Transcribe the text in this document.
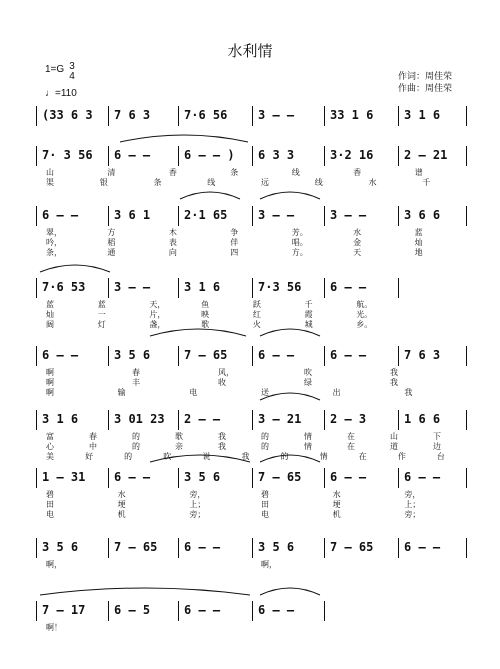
水利情
1=G 3
4
♩=110
作词：周佳荣
作曲：周佳荣
(33 6 3 7 6 3	7·6 56	3 – –	33 1 6	3 1 6
7· 3 56 6 – –	6 – – ) 6 3 3	3·2 16	2 – 21
山	清	香	条	线	香	谱
渠	银	条	线	远	线	水	千
6 – –	3 6 1	2·1 65	3 – –	3 – –	3 6 6
翠，	方	木	争	芳。	水	蓝
吟，	稻	表	伴	唱。	金	灿
条，	通	向	四	方。	天	地
7·6 53 3 – –	3 1 6	7·3 56 6 – –
蓝	蓝	天，	鱼	跃	千	航。
灿	一	片，	映	红	霞	光。
阔	灯	盏，	歌	火	城	乡。
6 – –	3 5 6	7 – 65	6 – –	6 – –	7 6 3
啊	春	风，	吹	我
啊	丰	收	绿	我
啊	输	电	送	出	我
3 1 6	3 01 23 2 – –	3 – 21 2 – 3	1 6 6
富	春	的	歌	我	的	情	在	山	下
心	中	的	亲	我	的	情	在	道	边
美	好	的	吹	说	我	的	情	在	作	台
1 – 31 6 – –	3 5 6	7 – 65 6 – –	6 – –
碧	水	旁，	碧	水	旁，
田	埂	上；	田	埂	上；
电	机	旁；	电	机	旁；
3 5 6	7 – 65 6 – –	3 5 6	7 – 65	6 – –
啊，	啊，
7 – 17 6 – 5	6 – –	6 – –
啊！
